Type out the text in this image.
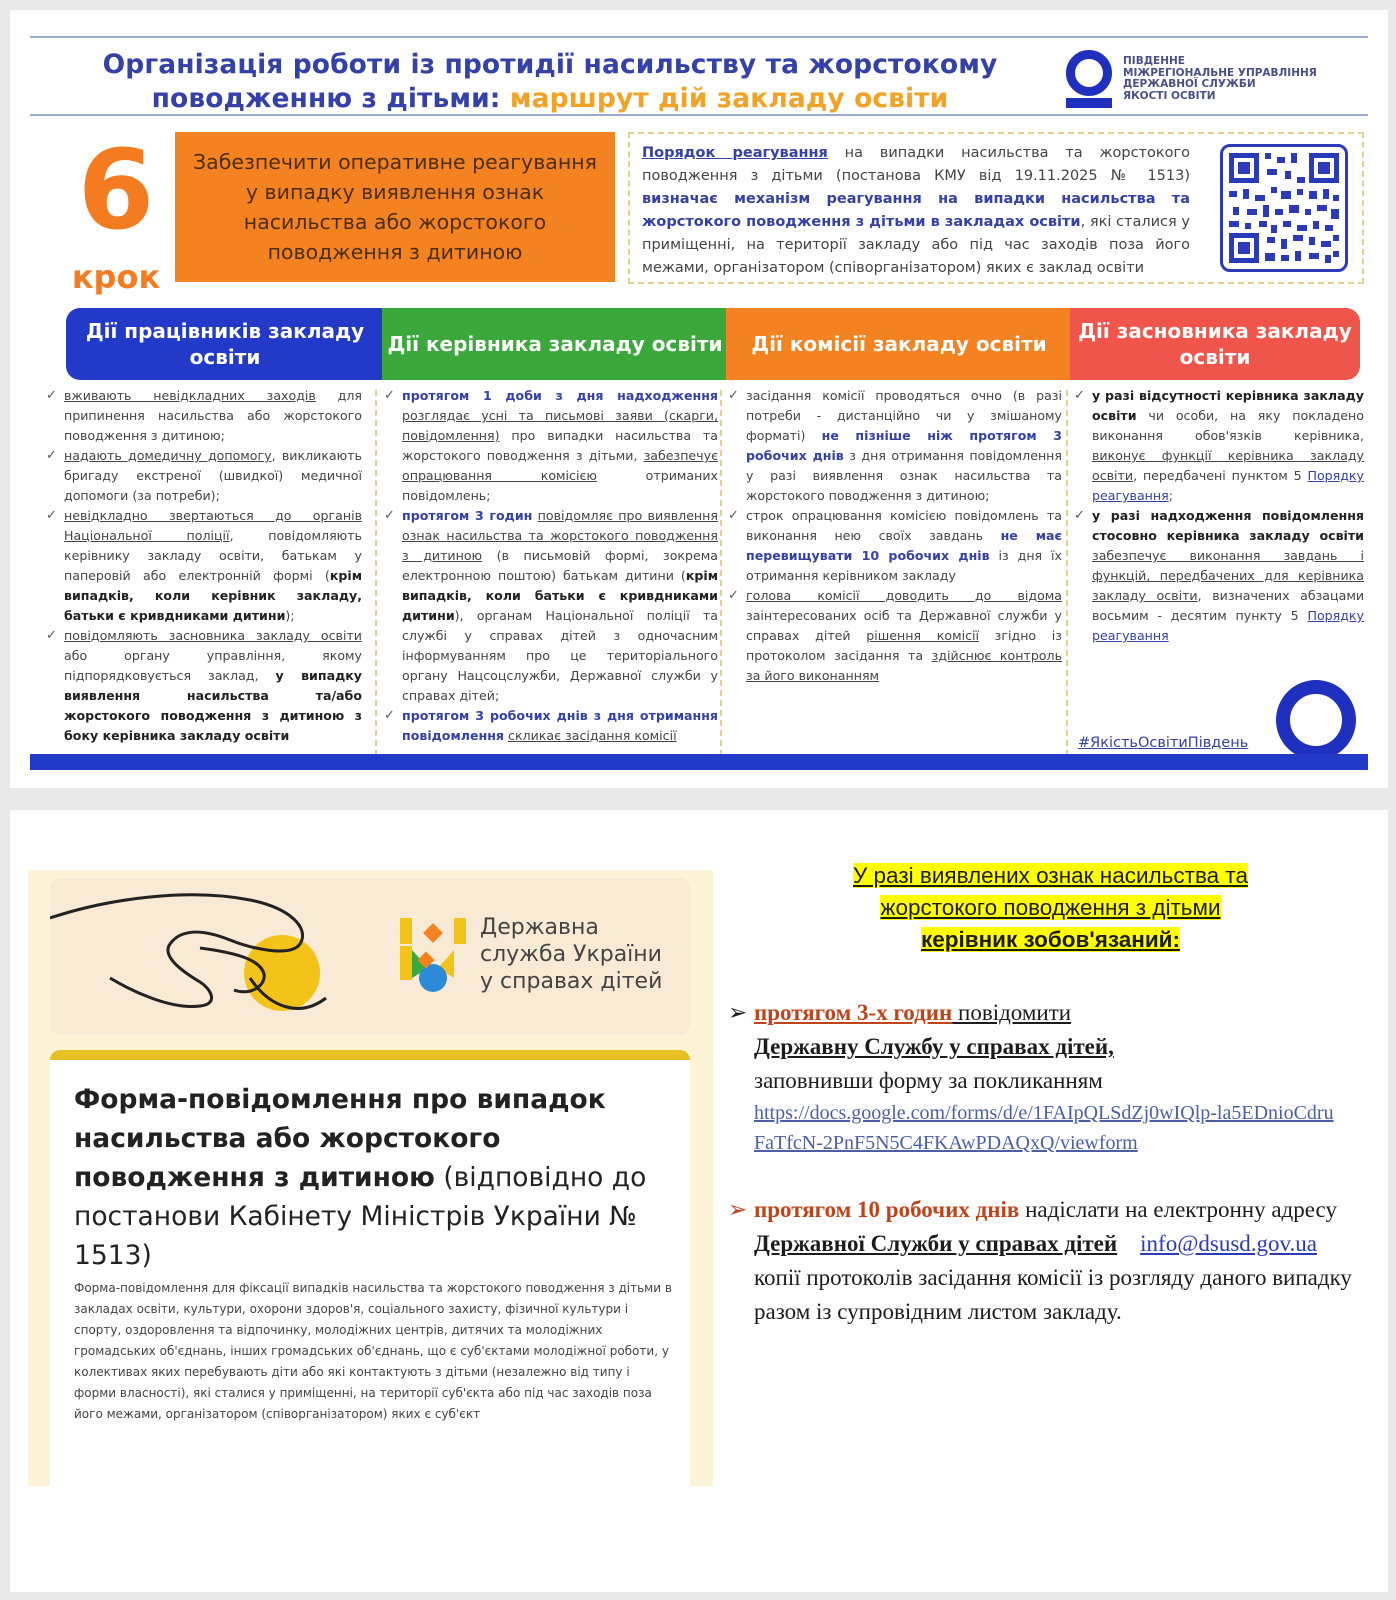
Організація роботи із протидії насильству та жорстокому
поводженню з дітьми: маршрут дій закладу освіти
ПІВДЕННЕ
МІЖРЕГІОНАЛЬНЕ УПРАВЛІННЯ
ДЕРЖАВНОЇ СЛУЖБИ
ЯКОСТІ ОСВІТИ
6
крок
Забезпечити оперативне реагування у випадку виявлення ознак насильства або жорстокого поводження з дитиною
Порядок реагування на випадки насильства та жорстокого поводження з дітьми (постанова КМУ від 19.11.2025 № 1513) визначає механізм реагування на випадки насильства та жорстокого поводження з дітьми в закладах освіти, які сталися у приміщенні, на території закладу або під час заходів поза його межами, організатором (співорганізатором) яких є заклад освіти
Дії працівників закладу освіти
Дії керівника закладу освіти	Дії комісії закладу освіти
Дії засновника закладу освіти
✓ вживають невідкладних заходів для припинення насильства або жорстокого поводження з дитиною;
✓ надають домедичну допомогу, викликають бригаду екстреної (швидкої) медичної допомоги (за потреби);
✓ невідкладно звертаються до органів Національної поліції, повідомляють керівнику закладу освіти, батькам у паперовій або електронній формі (крім випадків, коли керівник закладу, батьки є кривдниками дитини);
✓ повідомляють засновника закладу освіти або органу управління, якому підпорядковується заклад, у випадку виявлення насильства та/або жорстокого поводження з дитиною з боку керівника закладу освіти
✓ протягом 1 доби з дня надходження розглядає усні та письмові заяви (скарги, повідомлення) про випадки насильства та жорстокого поводження з дітьми, забезпечує опрацювання комісією отриманих повідомлень;
✓ протягом 3 годин повідомляє про виявлення ознак насильства та жорстокого поводження з дитиною (в письмовій формі, зокрема електронною поштою) батькам дитини (крім випадків, коли батьки є кривдниками дитини), органам Національної поліції та службі у справах дітей з одночасним інформуванням про це територіального органу Нацсоцслужби, Державної служби у справах дітей;
✓ протягом 3 робочих днів з дня отримання повідомлення скликає засідання комісії
✓ засідання комісії проводяться очно (в разі потреби - дистанційно чи у змішаному форматі) не пізніше ніж протягом 3 робочих днів з дня отримання повідомлення у разі виявлення ознак насильства та жорстокого поводження з дитиною;
✓ строк опрацювання комісією повідомлень та виконання нею своїх завдань не має перевищувати 10 робочих днів із дня їх отримання керівником закладу
✓ голова комісії доводить до відома заінтересованих осіб та Державної служби у справах дітей рішення комісії згідно із протоколом засідання та здійснює контроль за його виконанням
✓ у разі відсутності керівника закладу освіти чи особи, на яку покладено виконання обов'язків керівника, виконує функції керівника закладу освіти, передбачені пунктом 5 Порядку реагування;
✓ у разі надходження повідомлення стосовно керівника закладу освіти забезпечує виконання завдань і функцій, передбачених для керівника закладу освіти, визначених абзацами восьмим - десятим пункту 5 Порядку реагування
#ЯкістьОсвітиПівдень
Державна
служба України
у справах дітей
Форма-повідомлення про випадок насильства або жорстокого поводження з дитиною (відповідно до постанови Кабінету Міністрів України № 1513)
Форма-повідомлення для фіксації випадків насильства та жорстокого поводження з дітьми в закладах освіти, культури, охорони здоров'я, соціального захисту, фізичної культури і спорту, оздоровлення та відпочинку, молодіжних центрів, дитячих та молодіжних громадських об'єднань, інших громадських об'єднань, що є суб'єктами молодіжної роботи, у колективах яких перебувають діти або які контактують з дітьми (незалежно від типу і форми власності), які сталися у приміщенні, на території суб'єкта або під час заходів поза його межами, організатором (співорганізатором) яких є суб'єкт
У разі виявлених ознак насильства та
жорстокого поводження з дітьми
керівник зобов'язаний:
➢ протягом 3-х годин повідомити
Державну Службу у справах дітей,
заповнивши форму за покликанням
https://docs.google.com/forms/d/e/1FAIpQLSdZj0wIQlp-la5EDnioCdruFaTfcN-2PnF5N5C4FKAwPDAQxQ/viewform
➢ протягом 10 робочих днів надіслати на електронну адресу Державної Служби у справах дітей info@dsusd.gov.ua
копії протоколів засідання комісії із розгляду даного випадку разом із супровідним листом закладу.
